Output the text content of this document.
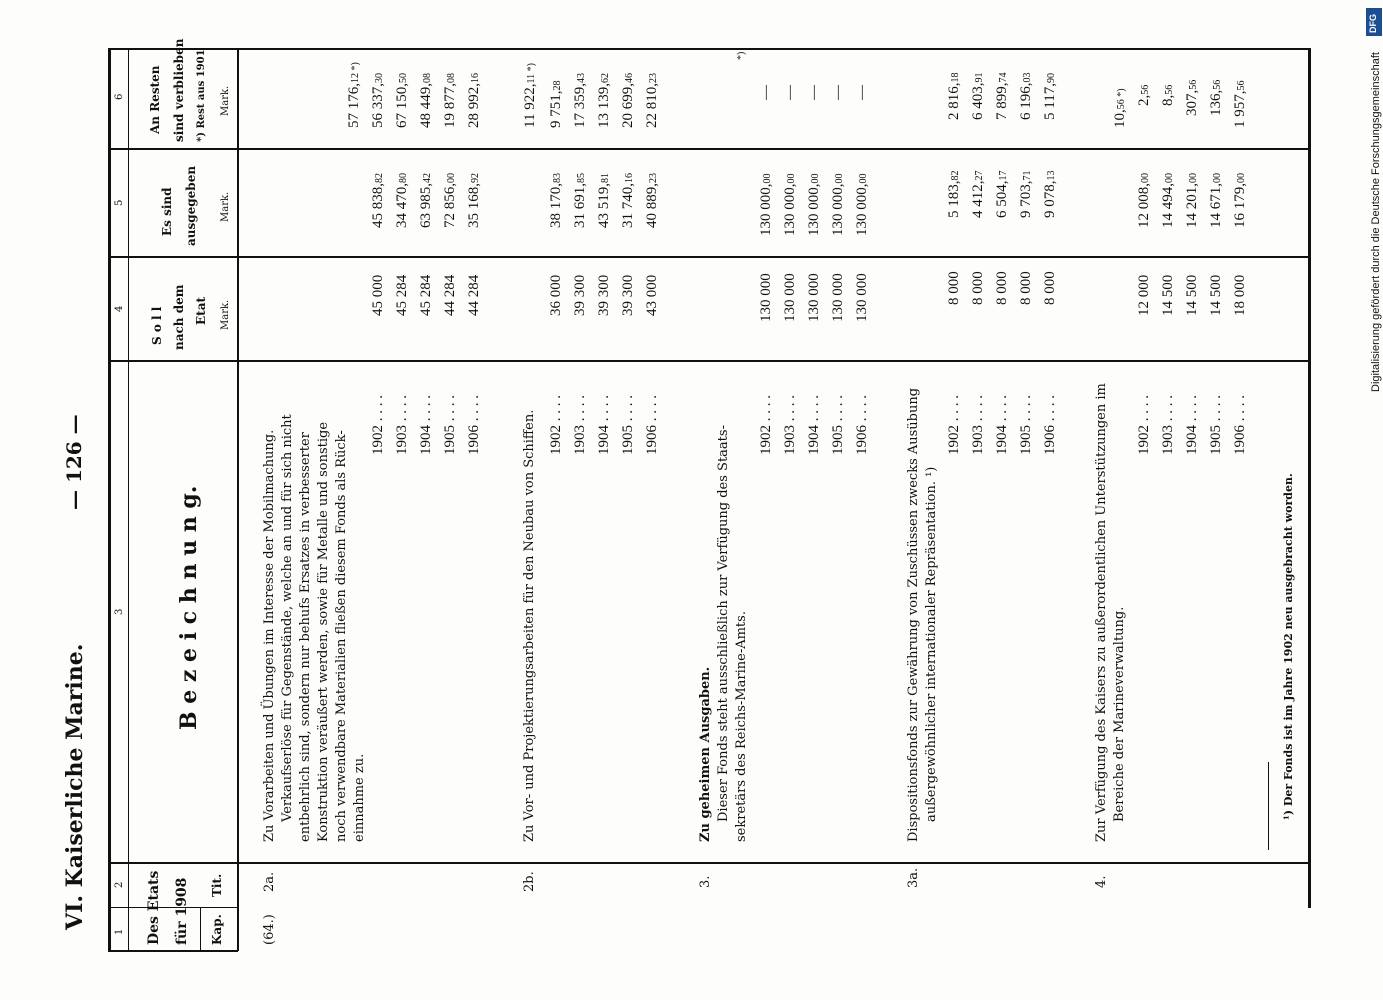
VI. Kaiserliche Marine.
— 126 —
Digitalisierung gefördert durch die Deutsche Forschungsgemeinschaft
DFG
1
2
3
4
5
6
Des Etats für 1908 Kap.
Tit.
B e z e i c h n u n g.
S o l l nach dem Etat Mark.
Es sind ausgegeben Mark.
An Resten sind verblieben *) Rest aus 1901 Mark.
(64.)
2a.
Zu Vorarbeiten und Übungen im Interesse der Mobilmachung. Verkaufserlöse für Gegenstände, welche an und für sich nicht entbehrlich sind, sondern nur behufs Ersatzes in verbesserter Konstruktion veräußert werden, sowie für Metalle und sonstige noch verwendbare Materialien fließen diesem Fonds als Rück- einnahme zu.
1902 . . . . 1903 . . . . 1904 . . . . 1905 . . . . 1906 . . . .
45 000 45 284 45 284 44 284 44 284
45 838,82
34 470,80
63 985,42
72 856,00
35 168,92
57 176,12 *)
56 337,30
67 150,50
48 449,08
19 877,08
28 992,16
2b.
Zu Vor- und Projektierungsarbeiten für den Neubau von Schiffen. 1902 . . . . 1903 . . . . 1904 . . . . 1905 . . . . 1906 . . . .
36 000 39 300 39 300 39 300 43 000
38 170,83
31 691,85
43 519,81
31 740,16
40 889,23
11 922,11 *)
9 751,28
17 359,43
13 139,62
20 699,46
22 810,23
3.
Zu geheimen Ausgaben. Dieser Fonds steht ausschließlich zur Verfügung des Staats- sekretärs des Reichs-Marine-Amts.
1902 . . . . 1903 . . . . 1904 . . . . 1905 . . . . 1906 . . . .
130 000 130 000 130 000 130 000 130 000
130 000,00
130 000,00
130 000,00
130 000,00
130 000,00
*)
— — — — —
3a.
Dispositionsfonds zur Gewährung von Zuschüssen zwecks Ausübung außergewöhnlicher internationaler Repräsentation. ¹)
1902 . . . . 1903 . . . . 1904 . . . . 1905 . . . . 1906 . . . .
8 000 8 000 8 000 8 000 8 000
5 183,82
4 412,27
6 504,17
9 703,71
9 078,13
2 816,18
6 403,91
7 899,74
6 196,03
5 117,90
4.
Zur Verfügung des Kaisers zu außerordentlichen Unterstützungen im Bereiche der Marineverwaltung.
1902 . . . . 1903 . . . . 1904 . . . . 1905 . . . . 1906 . . . .
12 000 14 500 14 500 14 500 18 000
12 008,00
14 494,00
14 201,00
14 671,00
16 179,00
10,56 *) 2,56
8,56
307,56
136,56
1 957,56
¹) Der Fonds ist im Jahre 1902 neu ausgebracht worden.
